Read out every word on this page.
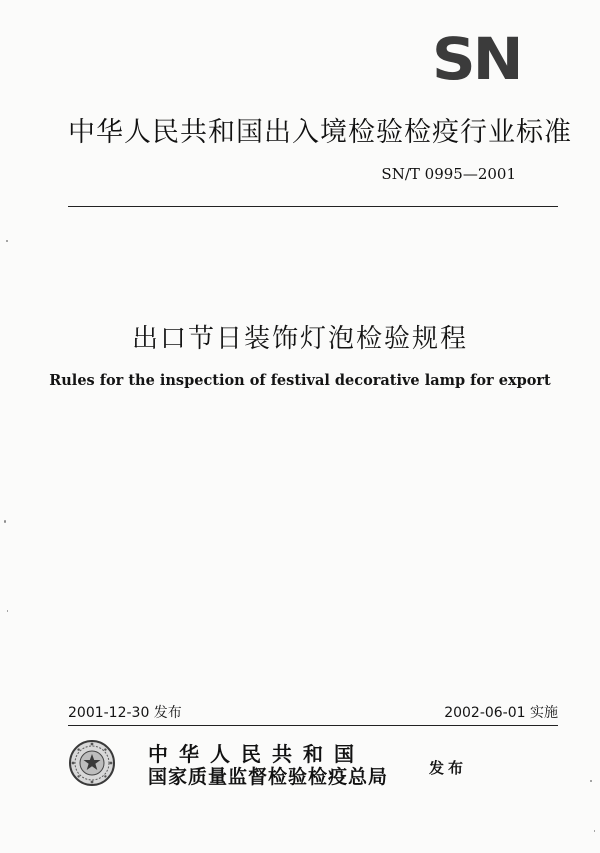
SN
中华人民共和国出入境检验检疫行业标准
SN/T 0995—2001
出口节日装饰灯泡检验规程
Rules for the inspection of festival decorative lamp for export
2001-12-30 发布	2002-06-01 实施
中华人民共和国
国家质量监督检验检疫总局	发布
